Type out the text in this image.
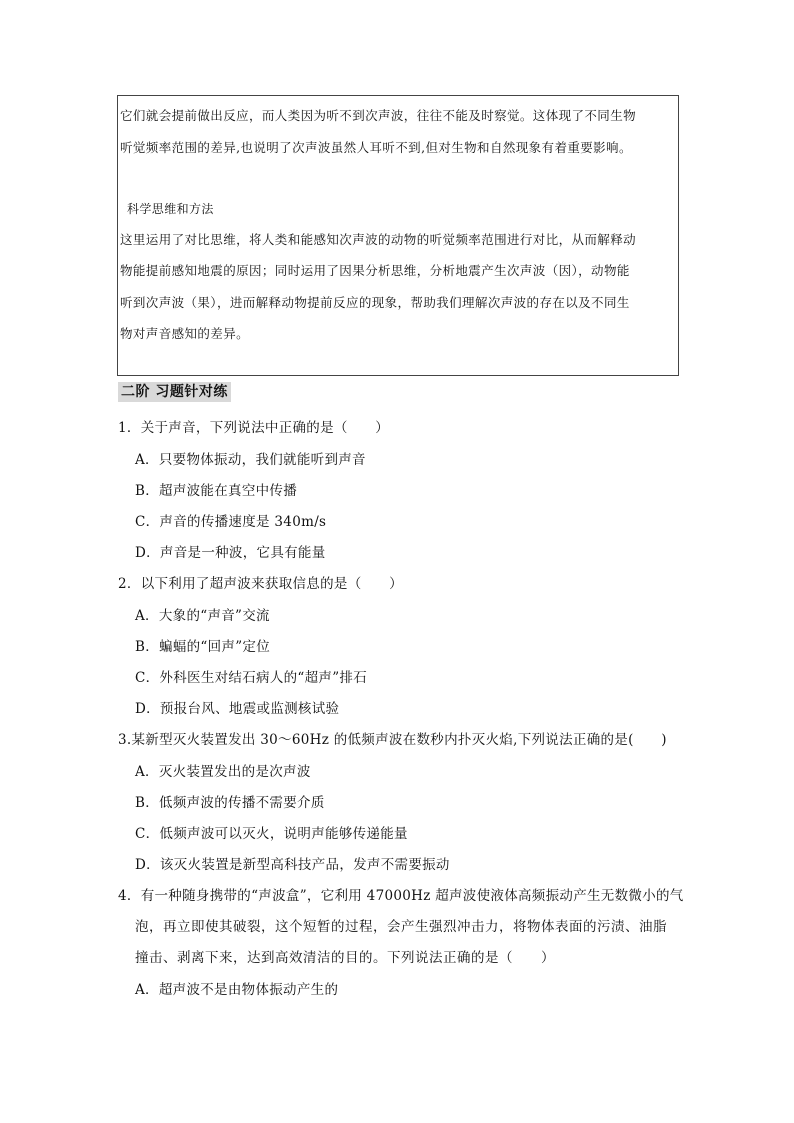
它们就会提前做出反应，而人类因为听不到次声波，往往不能及时察觉。这体现了不同生物
听觉频率范围的差异,也说明了次声波虽然人耳听不到,但对生物和自然现象有着重要影响。
科学思维和方法
这里运用了对比思维，将人类和能感知次声波的动物的听觉频率范围进行对比，从而解释动
物能提前感知地震的原因；同时运用了因果分析思维，分析地震产生次声波（因），动物能
听到次声波（果），进而解释动物提前反应的现象，帮助我们理解次声波的存在以及不同生
物对声音感知的差异。
二阶 习题针对练
1．关于声音，下列说法中正确的是（　　）
A．只要物体振动，我们就能听到声音
B．超声波能在真空中传播
C．声音的传播速度是 340m/s
D．声音是一种波，它具有能量
2．以下利用了超声波来获取信息的是（　　）
A．大象的“声音”交流
B．蝙蝠的“回声”定位
C．外科医生对结石病人的“超声”排石
D．预报台风、地震或监测核试验
3.某新型灭火装置发出 30～60Hz 的低频声波在数秒内扑灭火焰,下列说法正确的是(　　)
A．灭火装置发出的是次声波
B．低频声波的传播不需要介质
C．低频声波可以灭火，说明声能够传递能量
D．该灭火装置是新型高科技产品，发声不需要振动
4．有一种随身携带的“声波盒”，它利用 47000Hz 超声波使液体高频振动产生无数微小的气
泡，再立即使其破裂，这个短暂的过程，会产生强烈冲击力，将物体表面的污渍、油脂
撞击、剥离下来，达到高效清洁的目的。下列说法正确的是（　　）
A．超声波不是由物体振动产生的
